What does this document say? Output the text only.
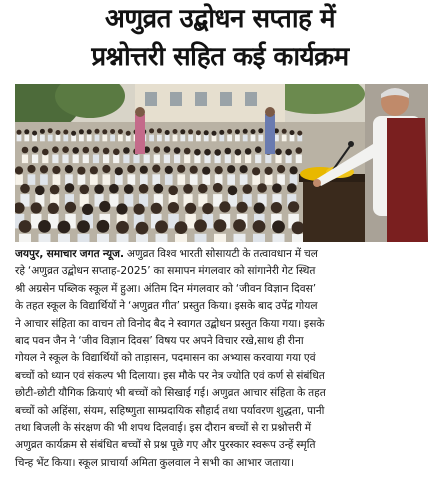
अणुव्रत उद्बोधन सप्ताह में
प्रश्नोत्तरी सहित कई कार्यक्रम
जयपुर, समाचार जगत न्यूज. अणुव्रत विश्व भारती सोसायटी के तत्वावधान में चल
रहे ‘अणुव्रत उद्बोधन सप्ताह-2025’ का समापन मंगलवार को सांगानेरी गेट स्थित
श्री अग्रसेन पब्लिक स्कूल में हुआ। अंतिम दिन मंगलवार को ‘जीवन विज्ञान दिवस’
के तहत स्कूल के विद्यार्थियों ने ‘अणुव्रत गीत’ प्रस्तुत किया। इसके बाद उपेंद्र गोयल
ने आचार संहिता का वाचन तो विनोद बैद ने स्वागत उद्बोधन प्रस्तुत किया गया। इसके
बाद पवन जैन ने ‘जीव विज्ञान दिवस’ विषय पर अपने विचार रखे,साथ ही रीना
गोयल ने स्कूल के विद्यार्थियों को ताड़ासन, पदमासन का अभ्यास करवाया गया एवं
बच्चों को ध्यान एवं संकल्प भी दिलाया। इस मौके पर नेत्र ज्योति एवं कर्ण से संबंधित
छोटी-छोटी यौगिक क्रियाएं भी बच्चों को सिखाई गई। अणुव्रत आचार संहिता के तहत
बच्चों को अहिंसा, संयम, सहिष्णुता साम्प्रदायिक सौहार्द तथा पर्यावरण शुद्धता, पानी
तथा बिजली के संरक्षण की भी शपथ दिलवाई। इस दौरान बच्चों से रा प्रश्नोत्तरी में
अणुव्रत कार्यक्रम से संबंधित बच्चों से प्रश्न पूछे गए और पुरस्कार स्वरूप उन्हें स्मृति
चिन्ह भेंट किया। स्कूल प्राचार्या अमिता कुलवाल ने सभी का आभार जताया।
